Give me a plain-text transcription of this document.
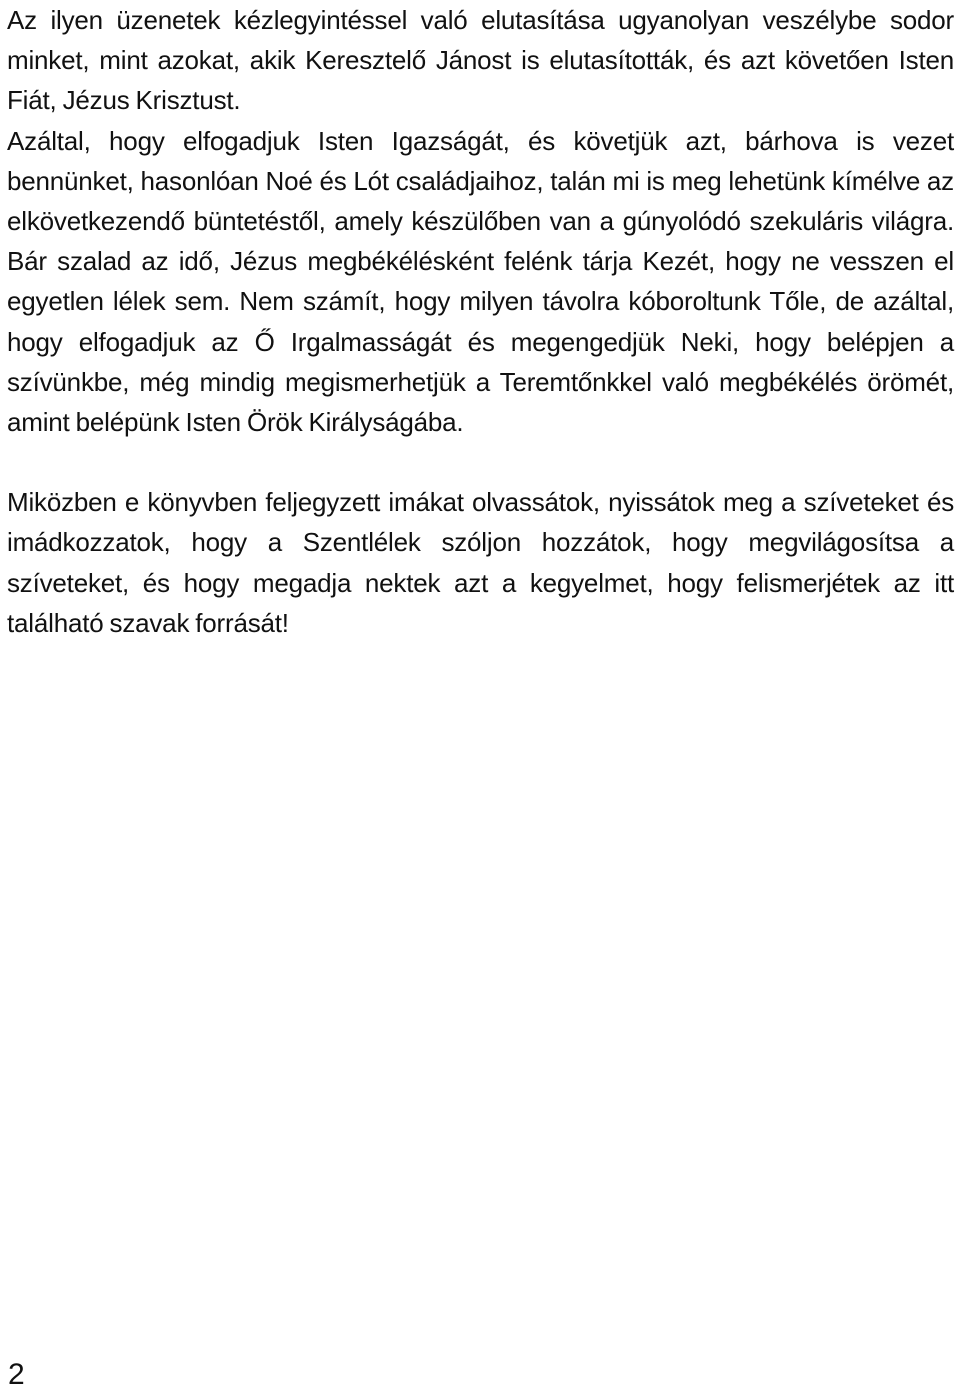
Az ilyen üzenetek kézlegyintéssel való elutasítása ugyanolyan veszélybe sodor minket, mint azokat, akik Keresztelő Jánost is elutasították, és azt követően Isten Fiát, Jézus Krisztust.

Azáltal, hogy elfogadjuk Isten Igazságát, és követjük azt, bárhova is vezet bennünket, hasonlóan Noé és Lót családjaihoz, talán mi is meg lehetünk kímélve az elkövetkezendő büntetéstől, amely készülőben van a gúnyolódó szekuláris világra. Bár szalad az idő, Jézus megbékélésként felénk tárja Kezét, hogy ne vesszen el egyetlen lélek sem. Nem számít, hogy milyen távolra kóboroltunk Tőle, de azáltal, hogy elfogadjuk az Ő Irgalmasságát és megengedjük Neki, hogy belépjen a szívünkbe, még mindig megismerhetjük a Teremtőnkkel való megbékélés örömét, amint belépünk Isten Örök Királyságába.

Miközben e könyvben feljegyzett imákat olvassátok, nyissátok meg a szíveteket és imádkozzatok, hogy a Szentlélek szóljon hozzátok, hogy megvilágosítsa a szíveteket, és hogy megadja nektek azt a kegyelmet, hogy felismerjétek az itt található szavak forrását!

2
